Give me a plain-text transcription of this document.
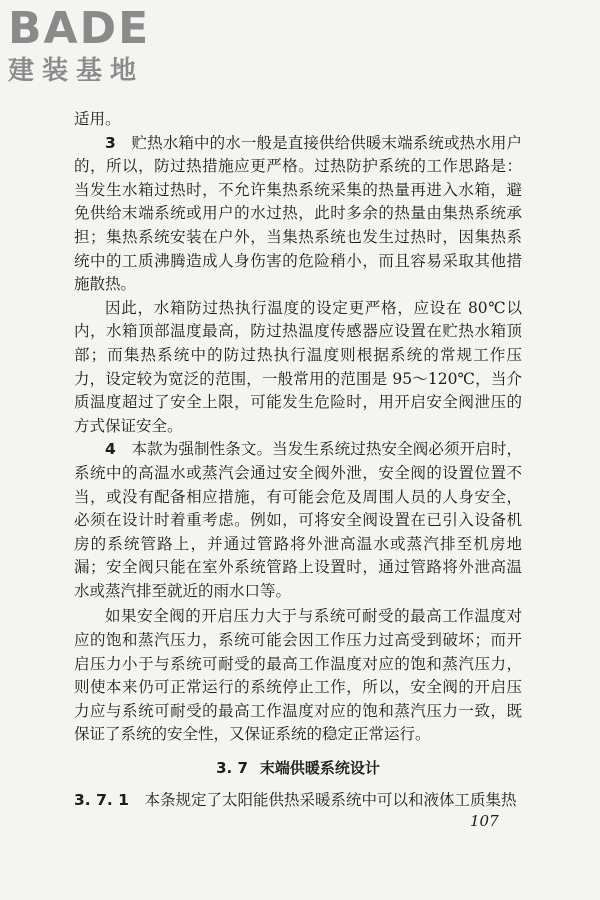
BADE
建装基地

适用。

3　 贮热水箱中的水一般是直接供给供暖末端系统或热水用户的，所以，防过热措施应更严格。过热防护系统的工作思路是：当发生水箱过热时，不允许集热系统采集的热量再进入水箱，避免供给末端系统或用户的水过热，此时多余的热量由集热系统承担；集热系统安装在户外，当集热系统也发生过热时，因集热系统中的工质沸腾造成人身伤害的危险稍小，而且容易采取其他措施散热。

因此，水箱防过热执行温度的设定更严格，应设在 80℃以内，水箱顶部温度最高，防过热温度传感器应设置在贮热水箱顶部；而集热系统中的防过热执行温度则根据系统的常规工作压力，设定较为宽泛的范围，一般常用的范围是 95～120℃，当介质温度超过了安全上限，可能发生危险时，用开启安全阀泄压的方式保证安全。

4　 本款为强制性条文。当发生系统过热安全阀必须开启时，系统中的高温水或蒸汽会通过安全阀外泄，安全阀的设置位置不当，或没有配备相应措施，有可能会危及周围人员的人身安全，必须在设计时着重考虑。例如，可将安全阀设置在已引入设备机房的系统管路上，并通过管路将外泄高温水或蒸汽排至机房地漏；安全阀只能在室外系统管路上设置时，通过管路将外泄高温水或蒸汽排至就近的雨水口等。

如果安全阀的开启压力大于与系统可耐受的最高工作温度对应的饱和蒸汽压力，系统可能会因工作压力过高受到破坏；而开启压力小于与系统可耐受的最高工作温度对应的饱和蒸汽压力，则使本来仍可正常运行的系统停止工作，所以，安全阀的开启压力应与系统可耐受的最高工作温度对应的饱和蒸汽压力一致，既保证了系统的安全性，又保证系统的稳定正常运行。

3. 7 末端供暖系统设计

3. 7. 1　 本条规定了太阳能供热采暖系统中可以和液体工质集热

107
